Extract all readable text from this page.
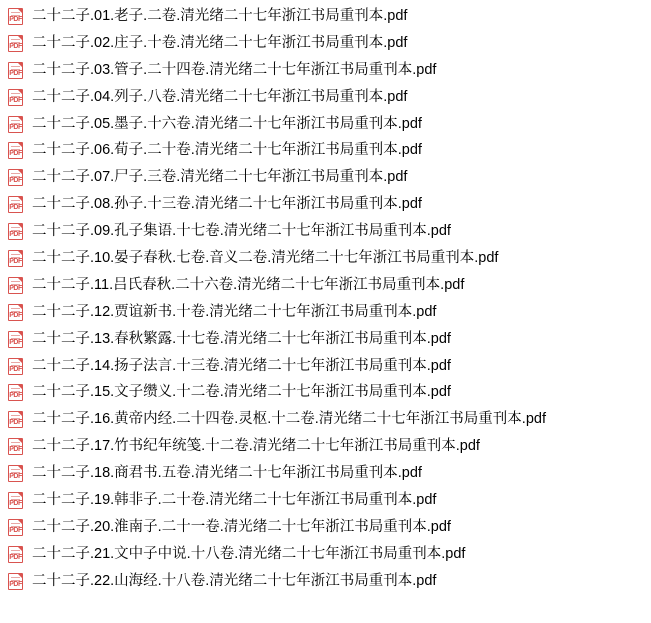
PDF 二十二子.01.老子.二卷.清光绪二十七年浙江书局重刊本.pdf
PDF 二十二子.02.庄子.十卷.清光绪二十七年浙江书局重刊本.pdf
PDF 二十二子.03.管子.二十四卷.清光绪二十七年浙江书局重刊本.pdf
PDF 二十二子.04.列子.八卷.清光绪二十七年浙江书局重刊本.pdf
PDF 二十二子.05.墨子.十六卷.清光绪二十七年浙江书局重刊本.pdf
PDF 二十二子.06.荀子.二十卷.清光绪二十七年浙江书局重刊本.pdf
PDF 二十二子.07.尸子.三卷.清光绪二十七年浙江书局重刊本.pdf
PDF 二十二子.08.孙子.十三卷.清光绪二十七年浙江书局重刊本.pdf
PDF 二十二子.09.孔子集语.十七卷.清光绪二十七年浙江书局重刊本.pdf
PDF 二十二子.10.晏子春秋.七卷.音义二卷.清光绪二十七年浙江书局重刊本.pdf
PDF 二十二子.11.吕氏春秋.二十六卷.清光绪二十七年浙江书局重刊本.pdf
PDF 二十二子.12.贾谊新书.十卷.清光绪二十七年浙江书局重刊本.pdf
PDF 二十二子.13.春秋繁露.十七卷.清光绪二十七年浙江书局重刊本.pdf
PDF 二十二子.14.扬子法言.十三卷.清光绪二十七年浙江书局重刊本.pdf
PDF 二十二子.15.文子缵义.十二卷.清光绪二十七年浙江书局重刊本.pdf
PDF 二十二子.16.黄帝内经.二十四卷.灵枢.十二卷.清光绪二十七年浙江书局重刊本.pdf
PDF 二十二子.17.竹书纪年统笺.十二卷.清光绪二十七年浙江书局重刊本.pdf
PDF 二十二子.18.商君书.五卷.清光绪二十七年浙江书局重刊本.pdf
PDF 二十二子.19.韩非子.二十卷.清光绪二十七年浙江书局重刊本.pdf
PDF 二十二子.20.淮南子.二十一卷.清光绪二十七年浙江书局重刊本.pdf
PDF 二十二子.21.文中子中说.十八卷.清光绪二十七年浙江书局重刊本.pdf
PDF 二十二子.22.山海经.十八卷.清光绪二十七年浙江书局重刊本.pdf
